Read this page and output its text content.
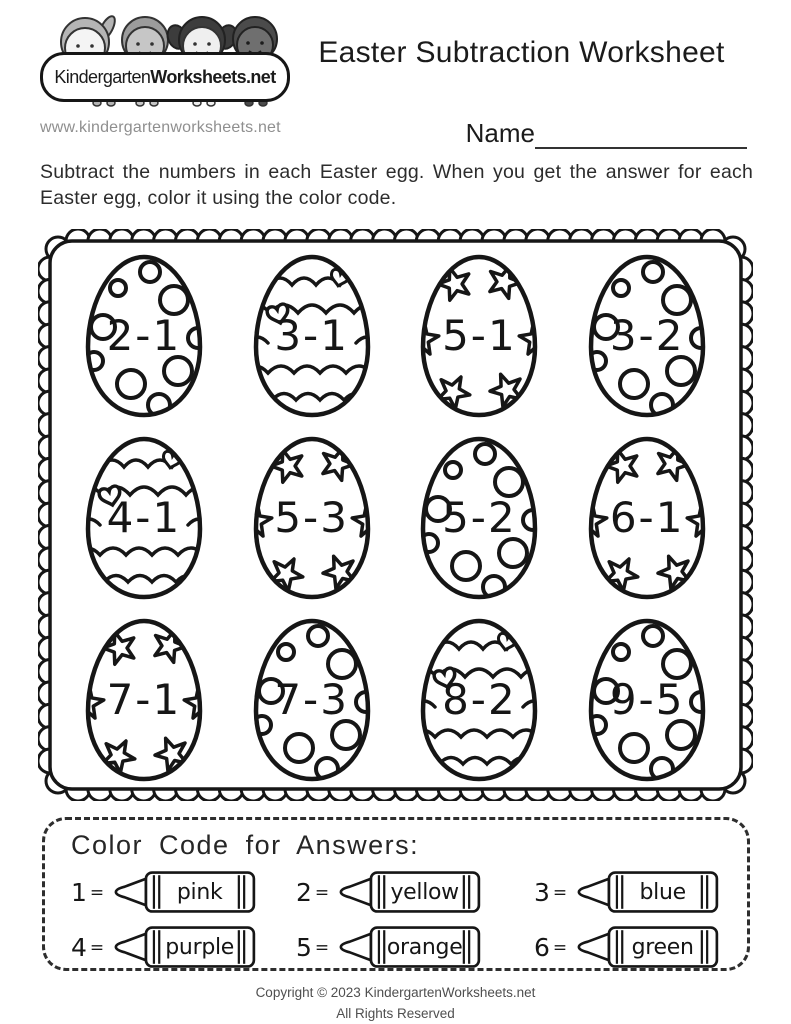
Kindergarten Worksheets.net
www.kindergartenworksheets.net
Easter Subtraction Worksheet
Name

Subtract the numbers in each Easter egg. When you get the answer for each Easter egg, color it using the color code.

2-1	3-1	5-1	3-2
4-1	5-3	5-2	6-1
7-1	7-3	8-2	9-5
Color Code for Answers:
1 =	pink	2 =	yellow	3 =	blue
4 =	purple 5 =	orange	6 =	green
Copyright © 2023 KindergartenWorksheets.net
All Rights Reserved
